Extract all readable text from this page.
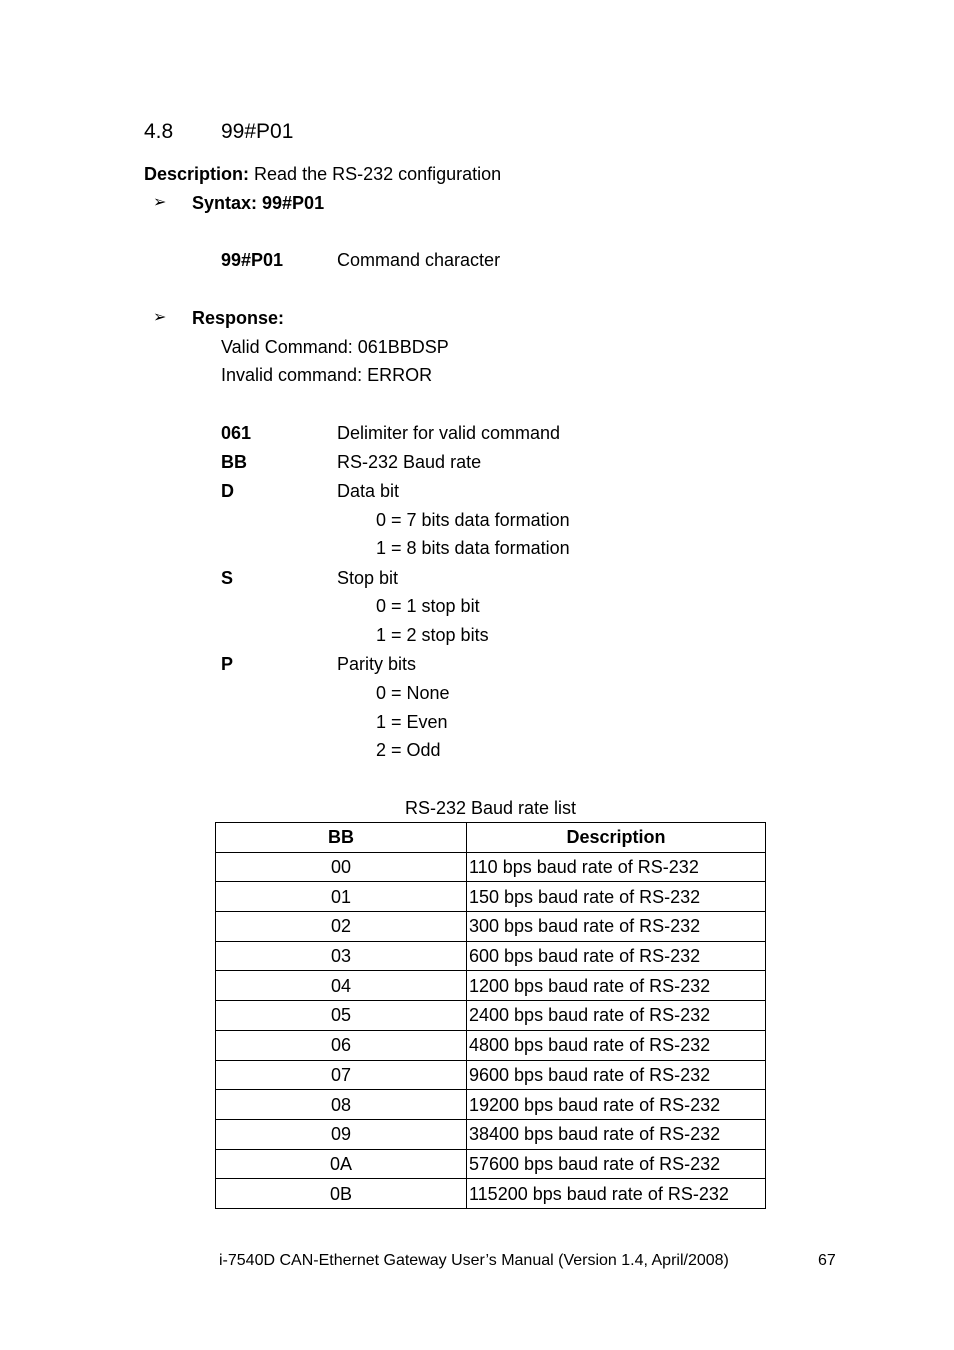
4.8 99#P01
Description: Read the RS-232 configuration
➢ Syntax: 99#P01
99#P01	Command character
➢ Response:
Valid Command: 061BBDSP
Invalid command: ERROR
061	Delimiter for valid command
BB	RS-232 Baud rate
D	Data bit
0 = 7 bits data formation
1 = 8 bits data formation
S	Stop bit
0 = 1 stop bit
1 = 2 stop bits
P	Parity bits
0 = None
1 = Even
2 = Odd
RS-232 Baud rate list
BB	Description
00	110 bps baud rate of RS-232
01	150 bps baud rate of RS-232
02	300 bps baud rate of RS-232
03	600 bps baud rate of RS-232
04	1200 bps baud rate of RS-232
05	2400 bps baud rate of RS-232
06	4800 bps baud rate of RS-232
07	9600 bps baud rate of RS-232
08	19200 bps baud rate of RS-232
09	38400 bps baud rate of RS-232
0A	57600 bps baud rate of RS-232
0B	115200 bps baud rate of RS-232
i-7540D CAN-Ethernet Gateway User’s Manual (Version 1.4, April/2008)	67
